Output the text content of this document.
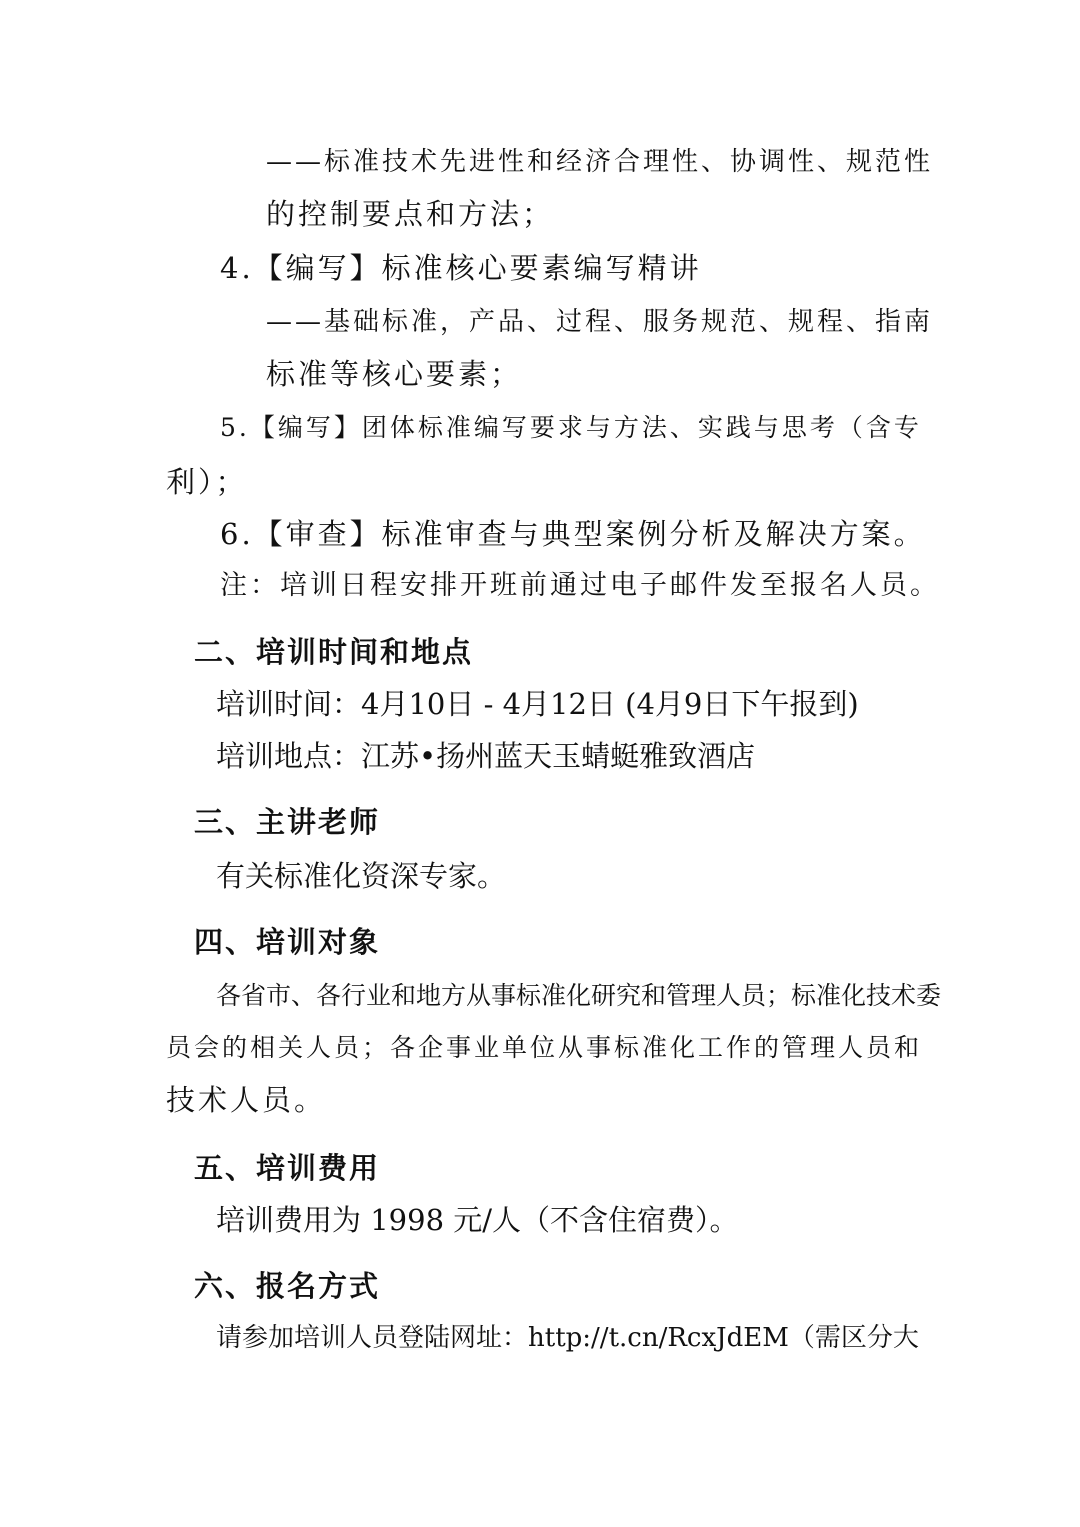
——标准技术先进性和经济合理性、协调性、规范性
的控制要点和方法；
4.【编写】标准核心要素编写精讲
——基础标准，产品、过程、服务规范、规程、指南
标准等核心要素；
5.【编写】团体标准编写要求与方法、实践与思考（含专
利）；
6.【审查】标准审查与典型案例分析及解决方案。
注：培训日程安排开班前通过电子邮件发至报名人员。
二、培训时间和地点
培训时间：4月10日 - 4月12日 (4月9日下午报到)
培训地点：江苏•扬州蓝天玉蜻蜓雅致酒店
三、主讲老师
有关标准化资深专家。
四、培训对象
各省市、各行业和地方从事标准化研究和管理人员；标准化技术委
员会的相关人员；各企事业单位从事标准化工作的管理人员和
技术人员。
五、培训费用
培训费用为 1998 元/人（不含住宿费）。
六、报名方式
请参加培训人员登陆网址：http://t.cn/RcxJdEM（需区分大
